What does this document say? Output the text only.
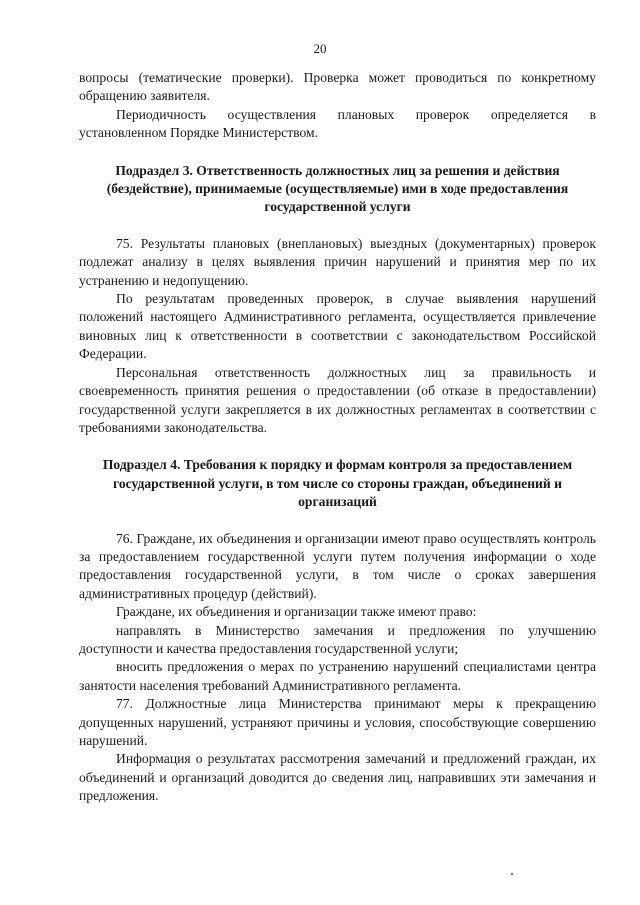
20

вопросы (тематические проверки). Проверка может проводиться по конкретному обращению заявителя.

Периодичность осуществления плановых проверок определяется в установленном Порядке Министерством.

Подраздел 3. Ответственность должностных лиц за решения и действия (бездействие), принимаемые (осуществляемые) ими в ходе предоставления государственной услуги

75. Результаты плановых (внеплановых) выездных (документарных) проверок подлежат анализу в целях выявления причин нарушений и принятия мер по их устранению и недопущению.

По результатам проведенных проверок, в случае выявления нарушений положений настоящего Административного регламента, осуществляется привлечение виновных лиц к ответственности в соответствии с законодательством Российской Федерации.

Персональная ответственность должностных лиц за правильность и своевременность принятия решения о предоставлении (об отказе в предоставлении) государственной услуги закрепляется в их должностных регламентах в соответствии с требованиями законодательства.

Подраздел 4. Требования к порядку и формам контроля за предоставлением государственной услуги, в том числе со стороны граждан, объединений и организаций

76. Граждане, их объединения и организации имеют право осуществлять контроль за предоставлением государственной услуги путем получения информации о ходе предоставления государственной услуги, в том числе о сроках завершения административных процедур (действий).

Граждане, их объединения и организации также имеют право:

направлять в Министерство замечания и предложения по улучшению доступности и качества предоставления государственной услуги;

вносить предложения о мерах по устранению нарушений специалистами центра занятости населения требований Административного регламента.

77. Должностные лица Министерства принимают меры к прекращению допущенных нарушений, устраняют причины и условия, способствующие совершению нарушений.

Информация о результатах рассмотрения замечаний и предложений граждан, их объединений и организаций доводится до сведения лиц, направивших эти замечания и предложения.
